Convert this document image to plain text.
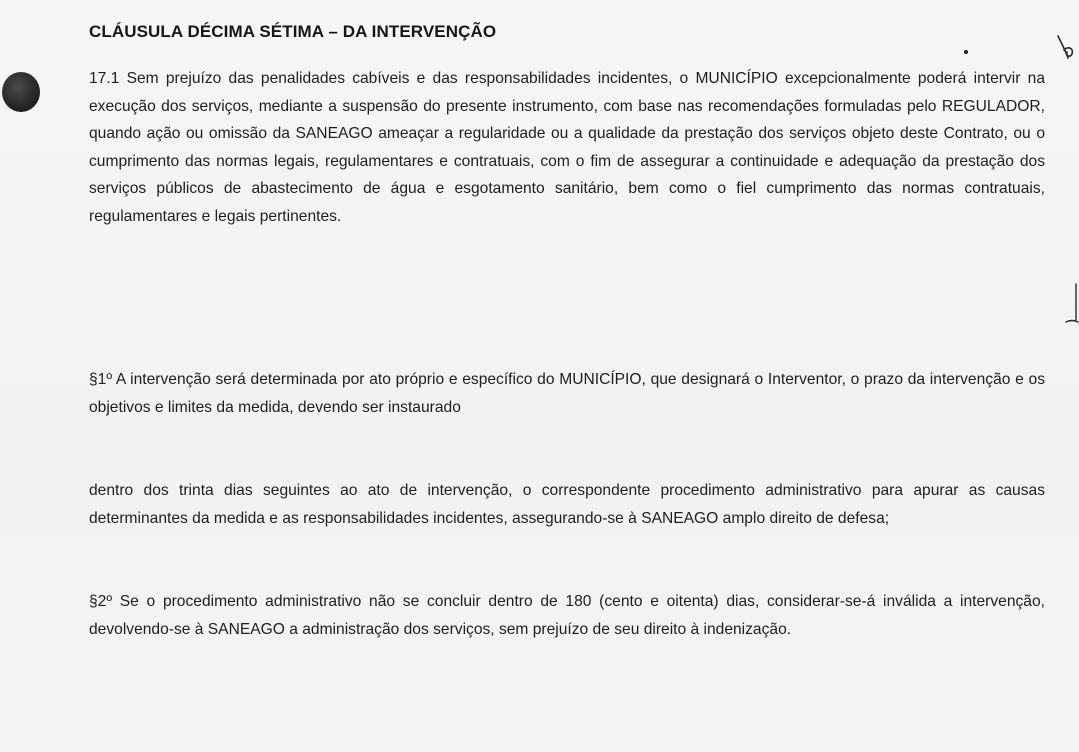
CLÁUSULA DÉCIMA SÉTIMA – DA INTERVENÇÃO

17.1 Sem prejuízo das penalidades cabíveis e das responsabilidades incidentes, o MUNICÍPIO excepcionalmente poderá intervir na execução dos serviços, mediante a suspensão do presente instrumento, com base nas recomendações formuladas pelo REGULADOR, quando ação ou omissão da SANEAGO ameaçar a regularidade ou a qualidade da prestação dos serviços objeto deste Contrato, ou o cumprimento das normas legais, regulamentares e contratuais, com o fim de assegurar a continuidade e adequação da prestação dos serviços públicos de abastecimento de água e esgotamento sanitário, bem como o fiel cumprimento das normas contratuais, regulamentares e legais pertinentes.

§1º A intervenção será determinada por ato próprio e específico do MUNICÍPIO, que designará o Interventor, o prazo da intervenção e os objetivos e limites da medida, devendo ser instaurado

dentro dos trinta dias seguintes ao ato de intervenção, o correspondente procedimento administrativo para apurar as causas determinantes da medida e as responsabilidades incidentes, assegurando-se à SANEAGO amplo direito de defesa;

§2º Se o procedimento administrativo não se concluir dentro de 180 (cento e oitenta) dias, considerar-se-á inválida a intervenção, devolvendo-se à SANEAGO a administração dos serviços, sem prejuízo de seu direito à indenização.
